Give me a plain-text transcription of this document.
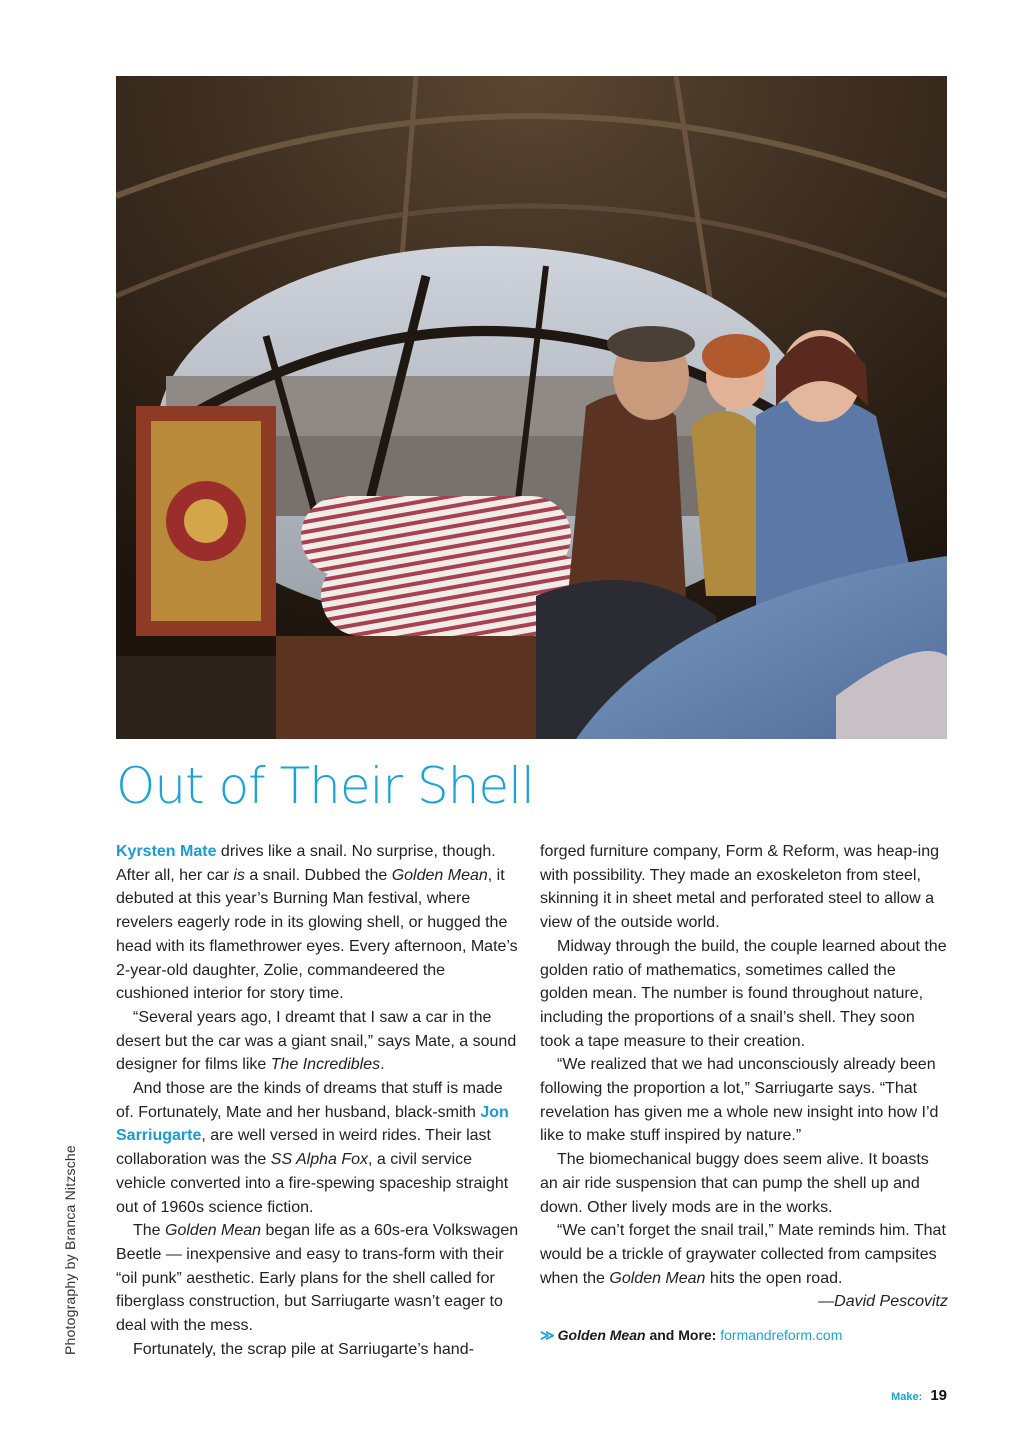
Photography by Branca Nitzsche
Out of Their Shell

Kyrsten Mate drives like a snail. No surprise, though. After all, her car is a snail. Dubbed the Golden Mean, it debuted at this year’s Burning Man festival, where revelers eagerly rode in its glowing shell, or hugged the head with its flamethrower eyes. Every afternoon, Mate’s 2-year-old daughter, Zolie, commandeered the cushioned interior for story time.

“Several years ago, I dreamt that I saw a car in the desert but the car was a giant snail,” says Mate, a sound designer for films like The Incredibles.

And those are the kinds of dreams that stuff is made of. Fortunately, Mate and her husband, black-smith Jon Sarriugarte, are well versed in weird rides. Their last collaboration was the SS Alpha Fox, a civil service vehicle converted into a fire-spewing spaceship straight out of 1960s science fiction.

The Golden Mean began life as a 60s-era Volkswagen Beetle — inexpensive and easy to trans-form with their “oil punk” aesthetic. Early plans for the shell called for fiberglass construction, but Sarriugarte wasn’t eager to deal with the mess.

Fortunately, the scrap pile at Sarriugarte’s hand-

forged furniture company, Form & Reform, was heap-ing with possibility. They made an exoskeleton from steel, skinning it in sheet metal and perforated steel to allow a view of the outside world.

Midway through the build, the couple learned about the golden ratio of mathematics, sometimes called the golden mean. The number is found throughout nature, including the proportions of a snail’s shell. They soon took a tape measure to their creation.

“We realized that we had unconsciously already been following the proportion a lot,” Sarriugarte says. “That revelation has given me a whole new insight into how I’d like to make stuff inspired by nature.”

The biomechanical buggy does seem alive. It boasts an air ride suspension that can pump the shell up and down. Other lively mods are in the works.

“We can’t forget the snail trail,” Mate reminds him. That would be a trickle of graywater collected from campsites when the Golden Mean hits the open road.

—David Pescovitz
≫ Golden Mean and More: formandreform.com
Make: 19
